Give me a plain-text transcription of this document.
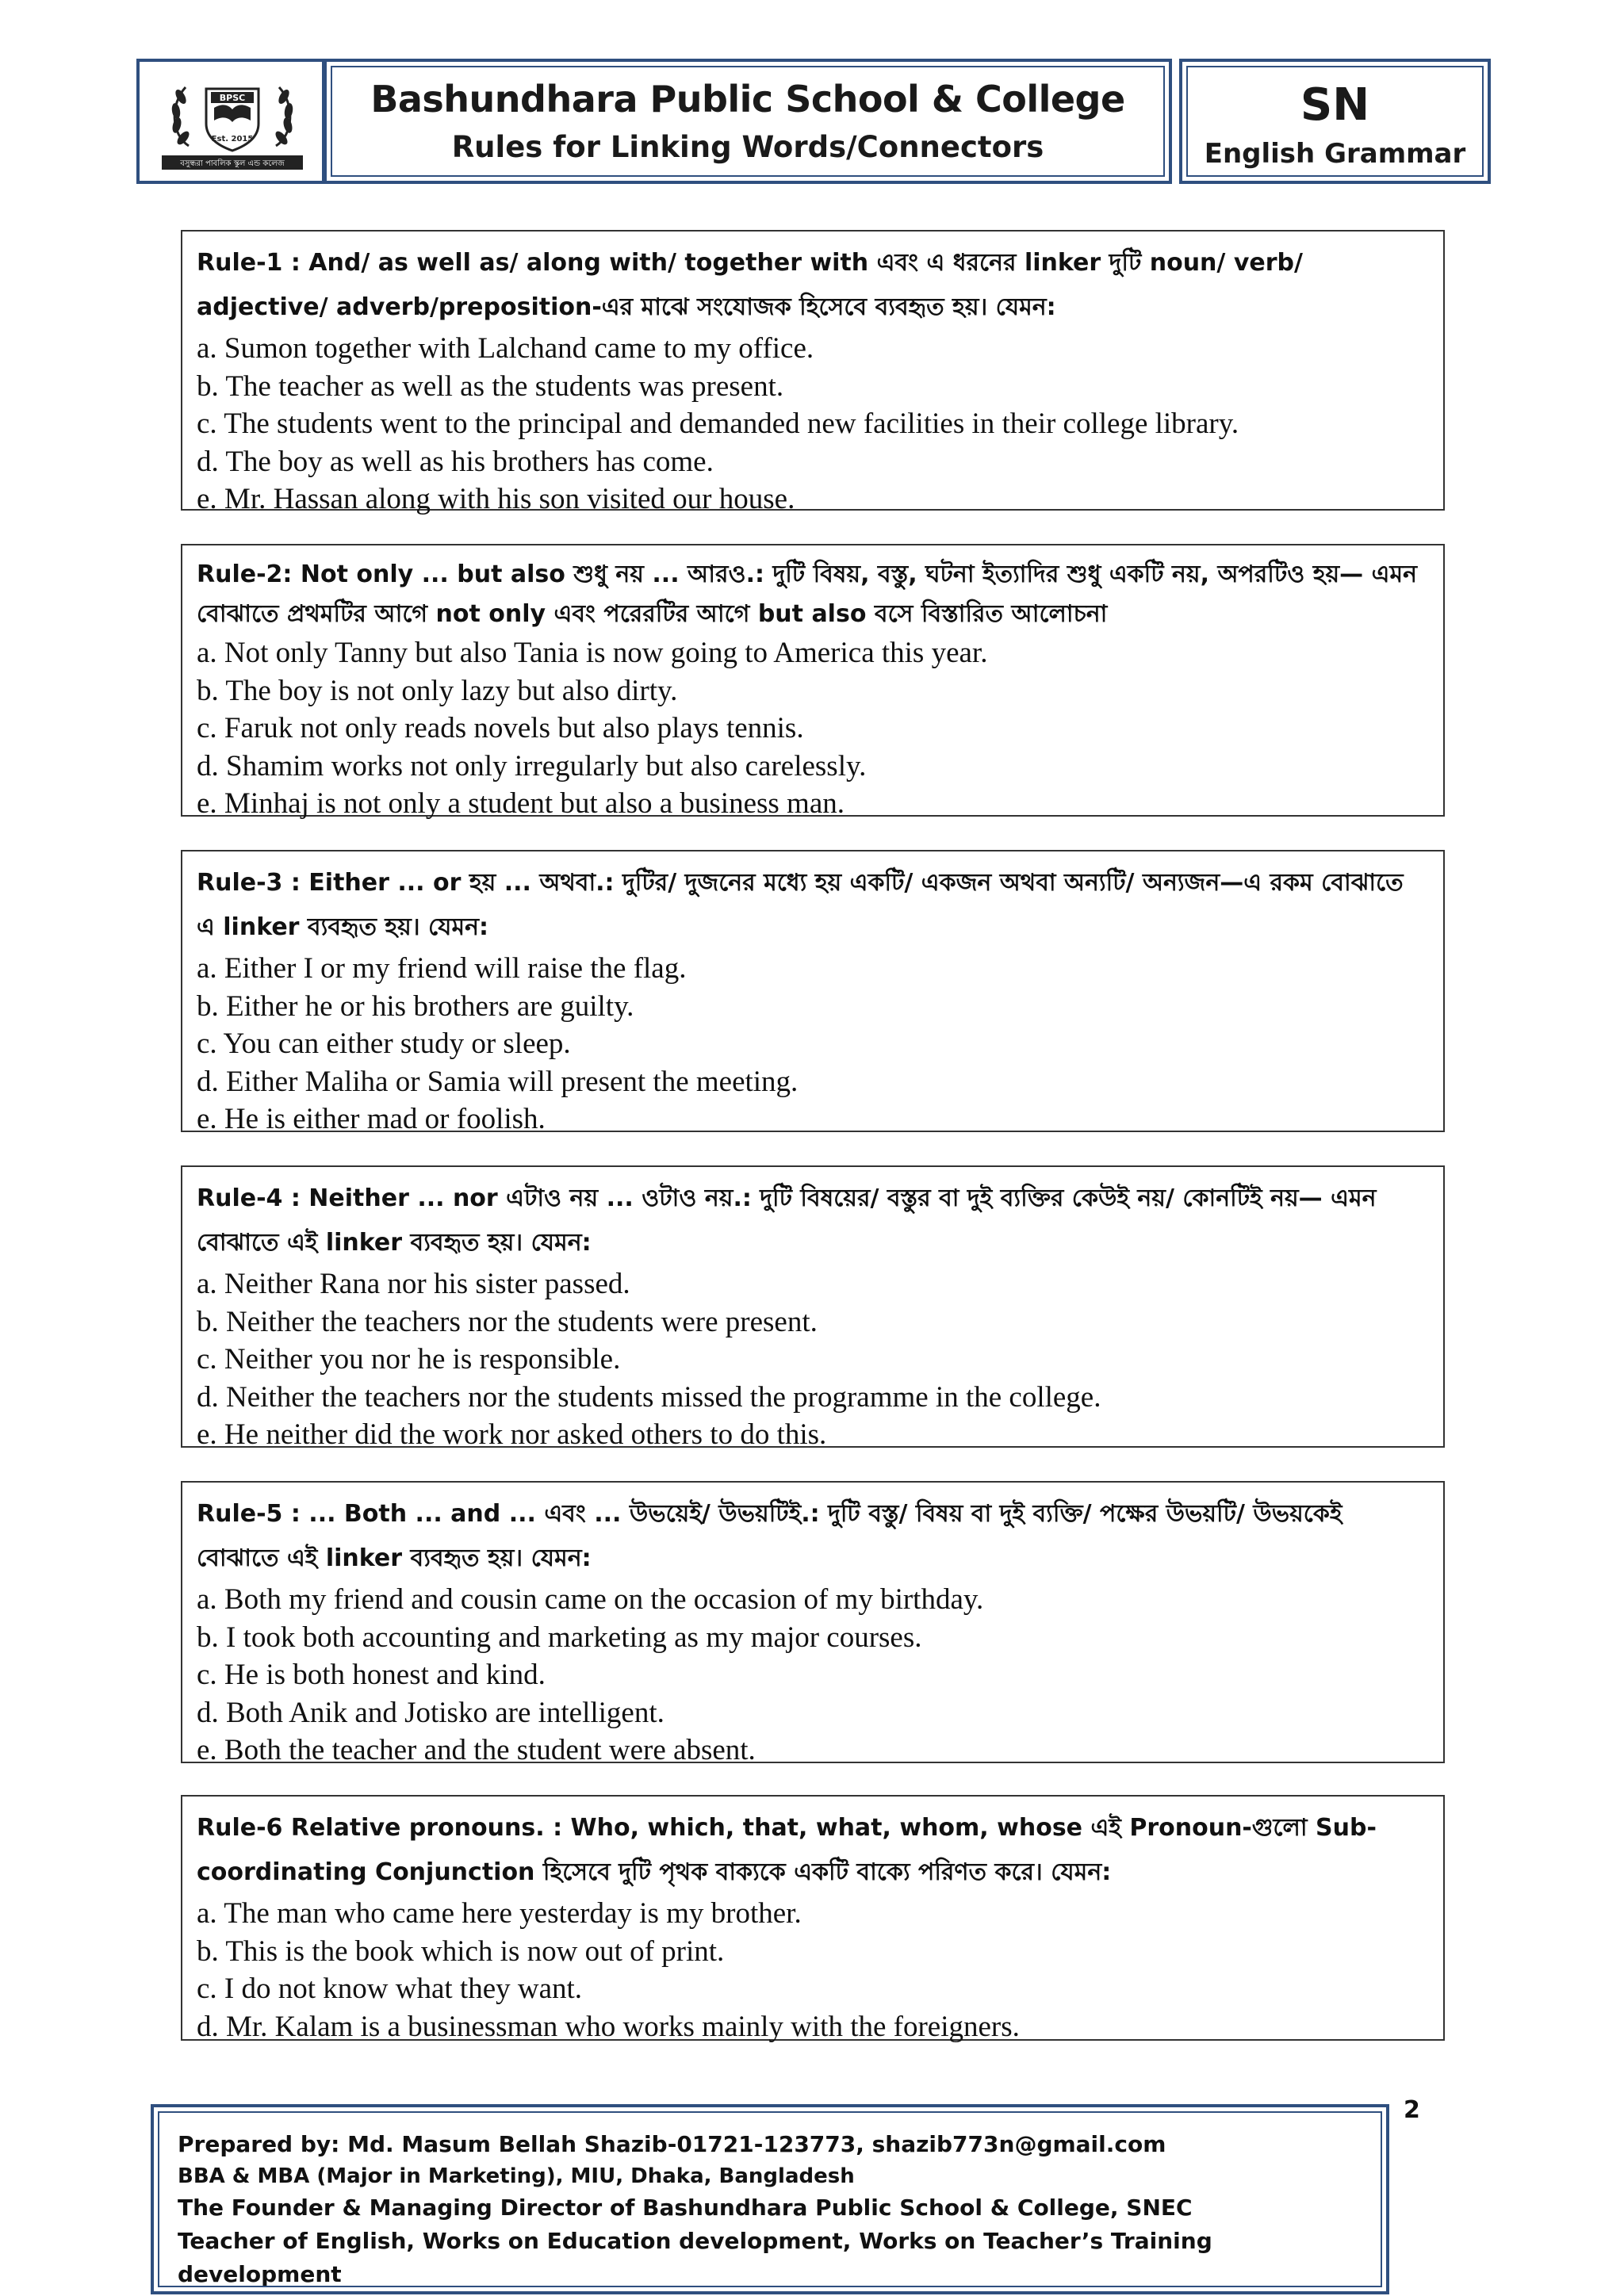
BPSC
Est. 2015
বসুন্ধরা পাবলিক স্কুল এন্ড কলেজ
Bashundhara Public School & College
Rules for Linking Words/Connectors
SN
English Grammar
Rule-1 : And/ as well as/ along with/ together with এবং এ ধরনের linker দুটি noun/ verb/ adjective/ adverb/preposition-এর মাঝে সংযোজক হিসেবে ব্যবহৃত হয়। যেমন:
a. Sumon together with Lalchand came to my office.
b. The teacher as well as the students was present.
c. The students went to the principal and demanded new facilities in their college library.
d. The boy as well as his brothers has come.
e. Mr. Hassan along with his son visited our house.
Rule-2: Not only ... but also শুধু নয় ... আরও.: দুটি বিষয়, বস্তু, ঘটনা ইত্যাদির শুধু একটি নয়, অপরটিও হয়— এমন বোঝাতে প্রথমটির আগে not only এবং পরেরটির আগে but also বসে বিস্তারিত আলোচনা
a. Not only Tanny but also Tania is now going to America this year.
b. The boy is not only lazy but also dirty.
c. Faruk not only reads novels but also plays tennis.
d. Shamim works not only irregularly but also carelessly.
e. Minhaj is not only a student but also a business man.
Rule-3 : Either ... or হয় ... অথবা.: দুটির/ দুজনের মধ্যে হয় একটি/ একজন অথবা অন্যটি/ অন্যজন—এ রকম বোঝাতে এ linker ব্যবহৃত হয়। যেমন:
a. Either I or my friend will raise the flag.
b. Either he or his brothers are guilty.
c. You can either study or sleep.
d. Either Maliha or Samia will present the meeting.
e. He is either mad or foolish.
Rule-4 : Neither ... nor এটাও নয় ... ওটাও নয়.: দুটি বিষয়ের/ বস্তুর বা দুই ব্যক্তির কেউই নয়/ কোনটিই নয়— এমন বোঝাতে এই linker ব্যবহৃত হয়। যেমন:
a. Neither Rana nor his sister passed.
b. Neither the teachers nor the students were present.
c. Neither you nor he is responsible.
d. Neither the teachers nor the students missed the programme in the college.
e. He neither did the work nor asked others to do this.
Rule-5 : ... Both ... and ... এবং ... উভয়েই/ উভয়টিই.: দুটি বস্তু/ বিষয় বা দুই ব্যক্তি/ পক্ষের উভয়টি/ উভয়কেই বোঝাতে এই linker ব্যবহৃত হয়। যেমন:
a. Both my friend and cousin came on the occasion of my birthday.
b. I took both accounting and marketing as my major courses.
c. He is both honest and kind.
d. Both Anik and Jotisko are intelligent.
e. Both the teacher and the student were absent.
Rule-6 Relative pronouns. : Who, which, that, what, whom, whose এই Pronoun-গুলো Sub-coordinating Conjunction হিসেবে দুটি পৃথক বাক্যকে একটি বাক্যে পরিণত করে। যেমন:
a. The man who came here yesterday is my brother.
b. This is the book which is now out of print.
c. I do not know what they want.
d. Mr. Kalam is a businessman who works mainly with the foreigners.
Prepared by: Md. Masum Bellah Shazib-01721-123773, shazib773n@gmail.com
BBA & MBA (Major in Marketing), MIU, Dhaka, Bangladesh
The Founder & Managing Director of Bashundhara Public School & College, SNEC
Teacher of English, Works on Education development, Works on Teacher’s Training development
2
